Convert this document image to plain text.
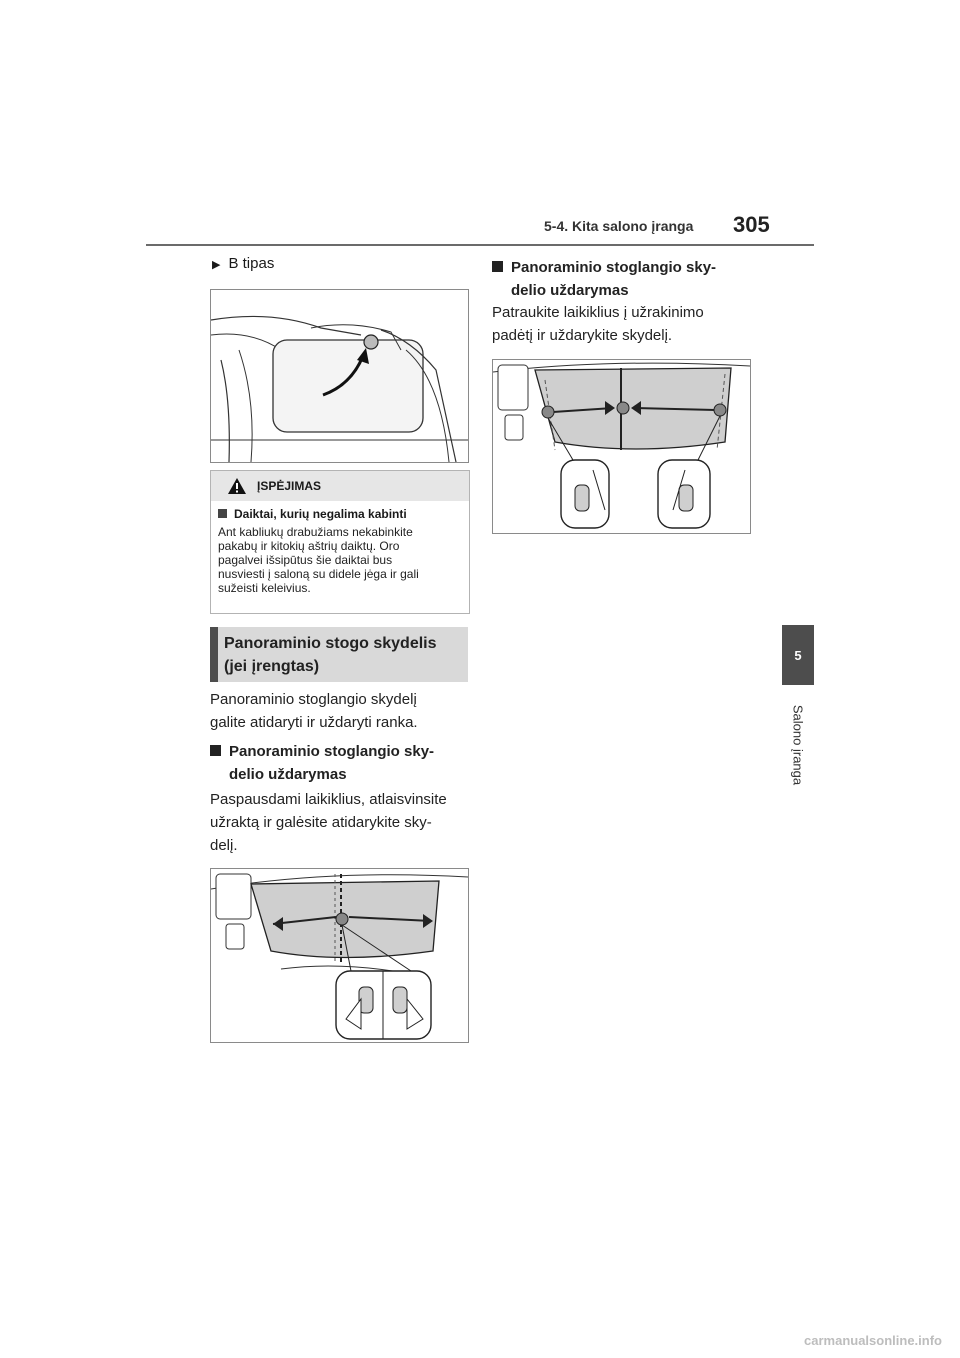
5-4. Kita salono įranga 305
5
Salono įranga
▶ B tipas
ĮSPĖJIMAS
Daiktai, kurių negalima kabinti
Ant kabliukų drabužiams nekabinkite
pakabų ir kitokių aštrių daiktų. Oro
pagalvei išsipūtus šie daiktai bus
nusviesti į saloną su didele jėga ir gali
sužeisti keleivius.
Panoraminio stogo skydelis
(jei įrengtas)
Panoraminio stoglangio skydelį
galite atidaryti ir uždaryti ranka.
Panoraminio stoglangio sky-
delio uždarymas
Paspausdami laikiklius, atlaisvinsite
užraktą ir galėsite atidarykite sky-
delį.
Panoraminio stoglangio sky-
delio uždarymas
Patraukite laikiklius į užrakinimo
padėtį ir uždarykite skydelį.
carmanualsonline.info
